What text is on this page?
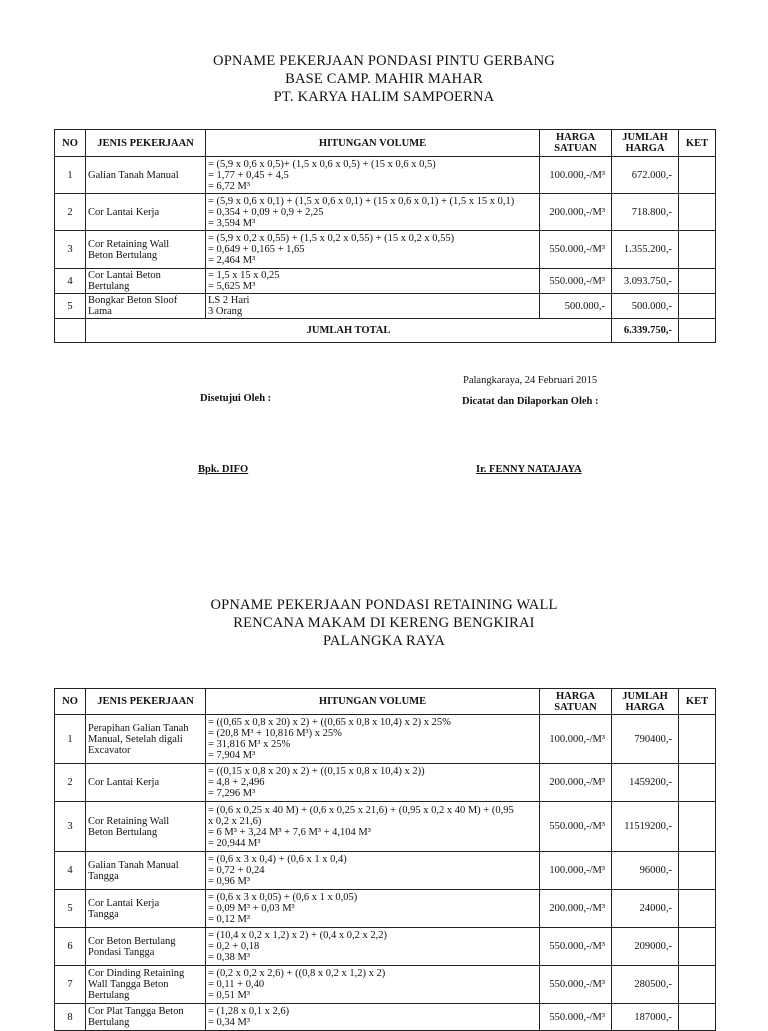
OPNAME PEKERJAAN PONDASI PINTU GERBANG
BASE CAMP. MAHIR MAHAR
PT. KARYA HALIM SAMPOERNA
NO	JENIS PEKERJAAN	HITUNGAN VOLUME	HARGA SATUAN	JUMLAH HARGA	KET
1	Galian Tanah Manual	= (5,9 x 0,6 x 0,5)+ (1,5 x 0,6 x 0,5) + (15 x 0,6 x 0,5)
= 1,77 + 0,45 + 4,5
= 6,72 M³	100.000,-/M³	672.000,-	
2	Cor Lantai Kerja	= (5,9 x 0,6 x 0,1) + (1,5 x 0,6 x 0,1) + (15 x 0,6 x 0,1) + (1,5 x 15 x 0,1)
= 0,354 + 0,09 + 0,9 + 2,25
= 3,594 M³	200.000,-/M³	718.800,-	
3	Cor Retaining Wall
Beton Bertulang	= (5,9 x 0,2 x 0,55) + (1,5 x 0,2 x 0,55) + (15 x 0,2 x 0,55)
= 0,649 + 0,165 + 1,65
= 2,464 M³	550.000,-/M³	1.355.200,-	
4	Cor Lantai Beton
Bertulang	= 1,5 x 15 x 0,25
= 5,625 M³	550.000,-/M³	3.093.750,-	
5	Bongkar Beton Sloof
Lama	LS 2 Hari
3 Orang	500.000,-	500.000,-	
	JUMLAH TOTAL			6.339.750,-	
Palangkaraya, 24 Februari 2015
Disetujui Oleh :	Dicatat dan Dilaporkan Oleh :
Bpk. DIFO	Ir. FENNY NATAJAYA
OPNAME PEKERJAAN PONDASI RETAINING WALL
RENCANA MAKAM DI KERENG BENGKIRAI
PALANGKA RAYA
NO	JENIS PEKERJAAN	HITUNGAN VOLUME	HARGA SATUAN	JUMLAH HARGA	KET
1	Perapihan Galian Tanah
Manual, Setelah digali
Excavator	= ((0,65 x 0,8 x 20) x 2) + ((0,65 x 0,8 x 10,4) x 2) x 25%
= (20,8 M³ + 10,816 M³) x 25%
= 31,816 M³ x 25%
= 7,904 M³	100.000,-/M³	790400,-	
2	Cor Lantai Kerja	= ((0,15 x 0,8 x 20) x 2) + ((0,15 x 0,8 x 10,4) x 2))
= 4,8 + 2,496
= 7,296 M³	200.000,-/M³	1459200,-	
3	Cor Retaining Wall
Beton Bertulang	= (0,6 x 0,25 x 40 M) + (0,6 x 0,25 x 21,6) + (0,95 x 0,2 x 40 M) + (0,95
x 0,2 x 21,6)
= 6 M³ + 3,24 M³ + 7,6 M³ + 4,104 M³
= 20,944 M³	550.000,-/M³	11519200,-	
4	Galian Tanah Manual
Tangga	= (0,6 x 3 x 0,4) + (0,6 x 1 x 0,4)
= 0,72 + 0,24
= 0,96 M³	100.000,-/M³	96000,-	
5	Cor Lantai Kerja
Tangga	= (0,6 x 3 x 0,05) + (0,6 x 1 x 0,05)
= 0,09 M³ + 0,03 M³
= 0,12 M³	200.000,-/M³	24000,-	
6	Cor Beton Bertulang
Pondasi Tangga	= (10,4 x 0,2 x 1,2) x 2) + (0,4 x 0,2 x 2,2)
= 0,2 + 0,18
= 0,38 M³	550.000,-/M³	209000,-	
7	Cor Dinding Retaining
Wall Tangga Beton
Bertulang	= (0,2 x 0,2 x 2,6) + ((0,8 x 0,2 x 1,2) x 2)
= 0,11 + 0,40
= 0,51 M³	550.000,-/M³	280500,-	
8	Cor Plat Tangga Beton
Bertulang	= (1,28 x 0,1 x 2,6)
= 0,34 M³	550.000,-/M³	187000,-	
